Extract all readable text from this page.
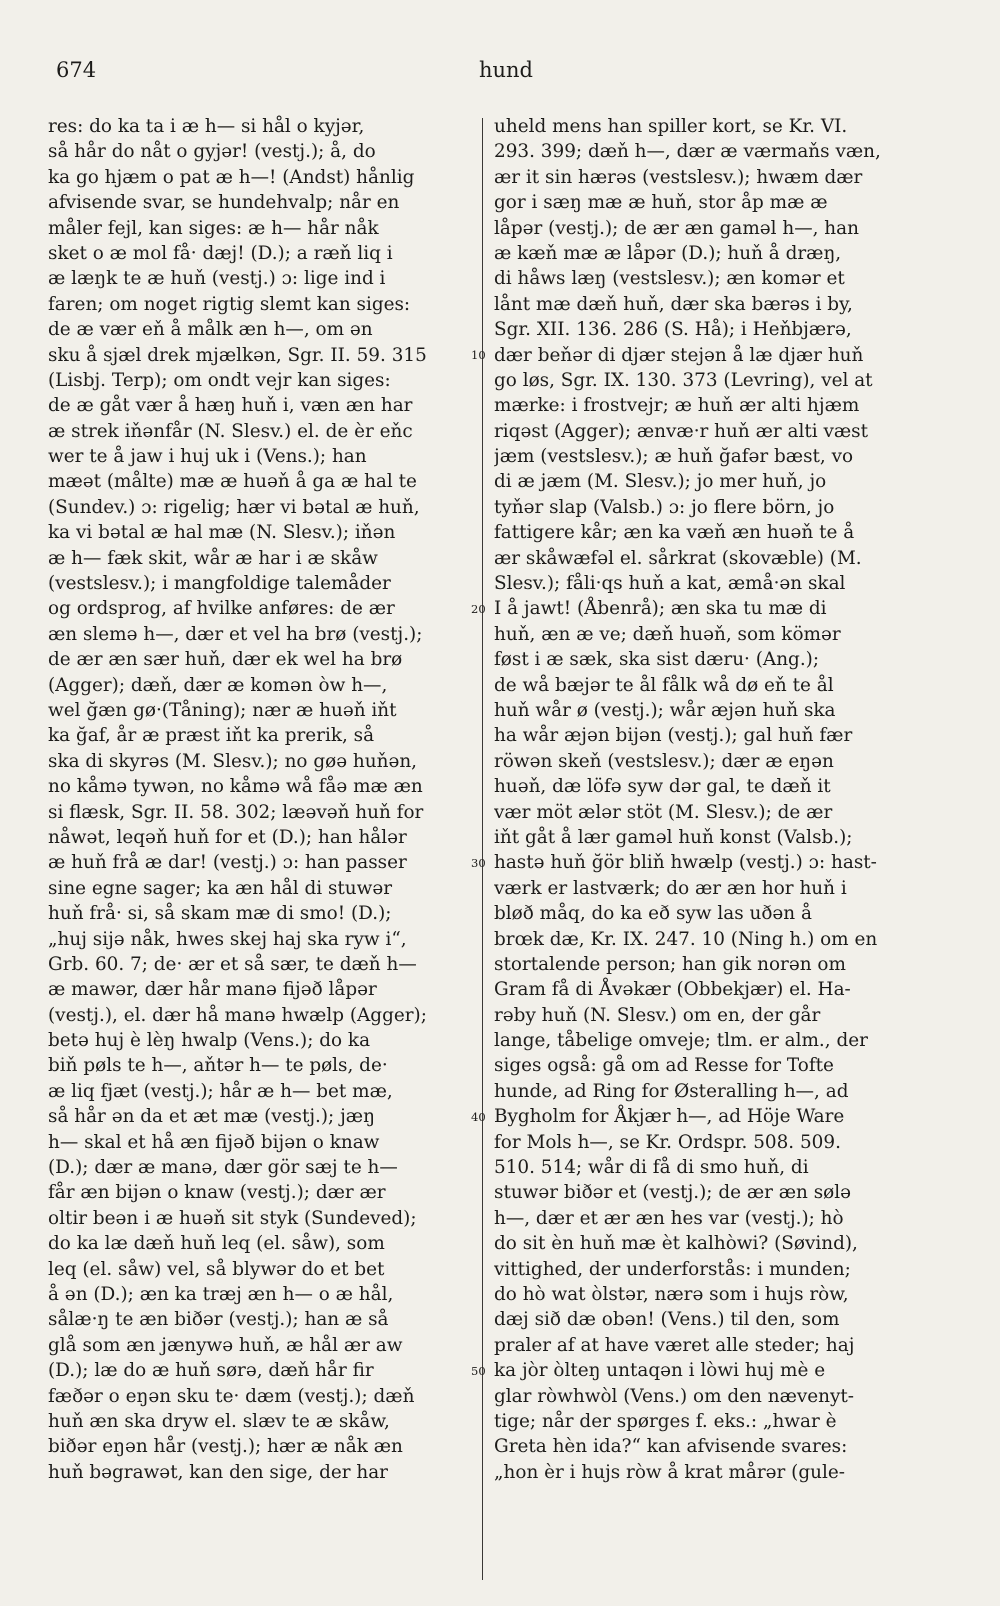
674	hund
res: do ka ta i æ h— si hål o kyjər,
så hår do nåt o gyjər! (vestj.); å, do
ka go hjæm o pat æ h—! (Andst) hånlig
afvisende svar, se hundehvalp; når en
måler fejl, kan siges: æ h— hår nåk
sket o æ mol få· dæj! (D.); a ræň liq i
æ læŋk te æ huň (vestj.) ɔ: lige ind i
faren; om noget rigtig slemt kan siges:
de æ vær eň å målk æn h—, om ən
sku å sjæl drek mjælkən, Sgr. II. 59. 315
(Lisbj. Terp); om ondt vejr kan siges:
de æ gåt vær å hæŋ huň i, væn æn har
æ strek iňənfår (N. Slesv.) el. de èr eňc
wer te å jaw i huj uk i (Vens.); han
mæət (målte) mæ æ huəň å ga æ hal te
(Sundev.) ɔ: rigelig; hær vi bətal æ huň,
ka vi bətal æ hal mæ (N. Slesv.); iňən
æ h— fæk skit, wår æ har i æ skåw
(vestslesv.); i mangfoldige talemåder
og ordsprog, af hvilke anføres: de ær
æn slemə h—, dær et vel ha brø (vestj.);
de ær æn sær huň, dær ek wel ha brø
(Agger); dæň, dær æ komən òw h—,
wel ğæn gø·(Tåning); nær æ huəň iňt
ka ğaf, år æ præst iňt ka prerik, så
ska di skyrəs (M. Slesv.); no gøə huňən,
no kåmə tywən, no kåmə wå fåə mæ æn
si flæsk, Sgr. II. 58. 302; læəvəň huň for
nåwət, leqəň huň for et (D.); han hålər
æ huň frå æ dar! (vestj.) ɔ: han passer
sine egne sager; ka æn hål di stuwər
huň frå· si, så skam mæ di smo! (D.);
„huj sijə nåk, hwes skej haj ska ryw i“,
Grb. 60. 7; de· ær et så sær, te dæň h—
æ mawər, dær hår manə fijəð låpər
(vestj.), el. dær hå manə hwælp (Agger);
betə huj è lèŋ hwalp (Vens.); do ka
biň pøls te h—, aňtər h— te pøls, de·
æ liq fjæt (vestj.); hår æ h— bet mæ,
så hår ən da et æt mæ (vestj.); jæŋ
h— skal et hå æn fijəð bijən o knaw
(D.); dær æ manə, dær gör sæj te h—
får æn bijən o knaw (vestj.); dær ær
oltir beən i æ huəň sit styk (Sundeved);
do ka læ dæň huň leq (el. såw), som
leq (el. såw) vel, så blywər do et bet
å ən (D.); æn ka træj æn h— o æ hål,
sålæ·ŋ te æn biðər (vestj.); han æ så
glå som æn jænywə huň, æ hål ær aw
(D.); læ do æ huň sørə, dæň hår fir
fæðər o eŋən sku te· dæm (vestj.); dæň
huň æn ska dryw el. slæv te æ skåw,
biðər eŋən hår (vestj.); hær æ nåk æn
huň bəgrawət, kan den sige, der har
10
20
30
40
50
uheld mens han spiller kort, se Kr. VI.
293. 399; dæň h—, dær æ værmaňs væn,
ær it sin hærəs (vestslesv.); hwæm dær
gor i sæŋ mæ æ huň, stor åp mæ æ
låpər (vestj.); de ær æn gaməl h—, han
æ kæň mæ æ låpər (D.); huň å dræŋ,
di håws læŋ (vestslesv.); æn komər et
lånt mæ dæň huň, dær ska bærəs i by,
Sgr. XII. 136. 286 (S. Hå); i Heňbjærə,
dær beňər di djær stejən å læ djær huň
go løs, Sgr. IX. 130. 373 (Levring), vel at
mærke: i frostvejr; æ huň ær alti hjæm
riqəst (Agger); ænvæ·r huň ær alti væst
jæm (vestslesv.); æ huň ğafər bæst, vo
di æ jæm (M. Slesv.); jo mer huň, jo
tyňər slap (Valsb.) ɔ: jo flere börn, jo
fattigere kår; æn ka væň æn huəň te å
ær skåwæfəl el. sårkrat (skovæble) (M.
Slesv.); fåli·qs huň a kat, æmå·ən skal
I å jawt! (Åbenrå); æn ska tu mæ di
huň, æn æ ve; dæň huəň, som kömər
føst i æ sæk, ska sist dæru· (Ang.);
de wå bæjər te ål fålk wå dø eň te ål
huň wår ø (vestj.); wår æjən huň ska
ha wår æjən bijən (vestj.); gal huň fær
röwən skeň (vestslesv.); dær æ eŋən
huəň, dæ löfə syw dər gal, te dæň it
vær möt ælər stöt (M. Slesv.); de ær
iňt gåt å lær gaməl huň konst (Valsb.);
hastə huň ğör bliň hwælp (vestj.) ɔ: hast-
værk er lastværk; do ær æn hor huň i
bløð måq, do ka eð syw las uðən å
brœk dæ, Kr. IX. 247. 10 (Ning h.) om en
stortalende person; han gik norən om
Gram få di Åvəkær (Obbekjær) el. Ha-
rəby huň (N. Slesv.) om en, der går
lange, tåbelige omveje; tlm. er alm., der
siges også: gå om ad Resse for Tofte
hunde, ad Ring for Østeralling h—, ad
Bygholm for Åkjær h—, ad Höje Ware
for Mols h—, se Kr. Ordspr. 508. 509.
510. 514; wår di få di smo huň, di
stuwər biðər et (vestj.); de ær æn sølə
h—, dær et ær æn hes var (vestj.); hò
do sit èn huň mæ èt kalhòwi? (Søvind),
vittighed, der underforstås: i munden;
do hò wat òlstər, nærə som i hujs ròw,
dæj sið dæ obən! (Vens.) til den, som
praler af at have været alle steder; haj
ka jòr òlteŋ untaqən i lòwi huj mè e
glar ròwhwòl (Vens.) om den nævenyt-
tige; når der spørges f. eks.: „hwar è
Greta hèn ida?“ kan afvisende svares:
„hon èr i hujs ròw å krat mårər (gule-
